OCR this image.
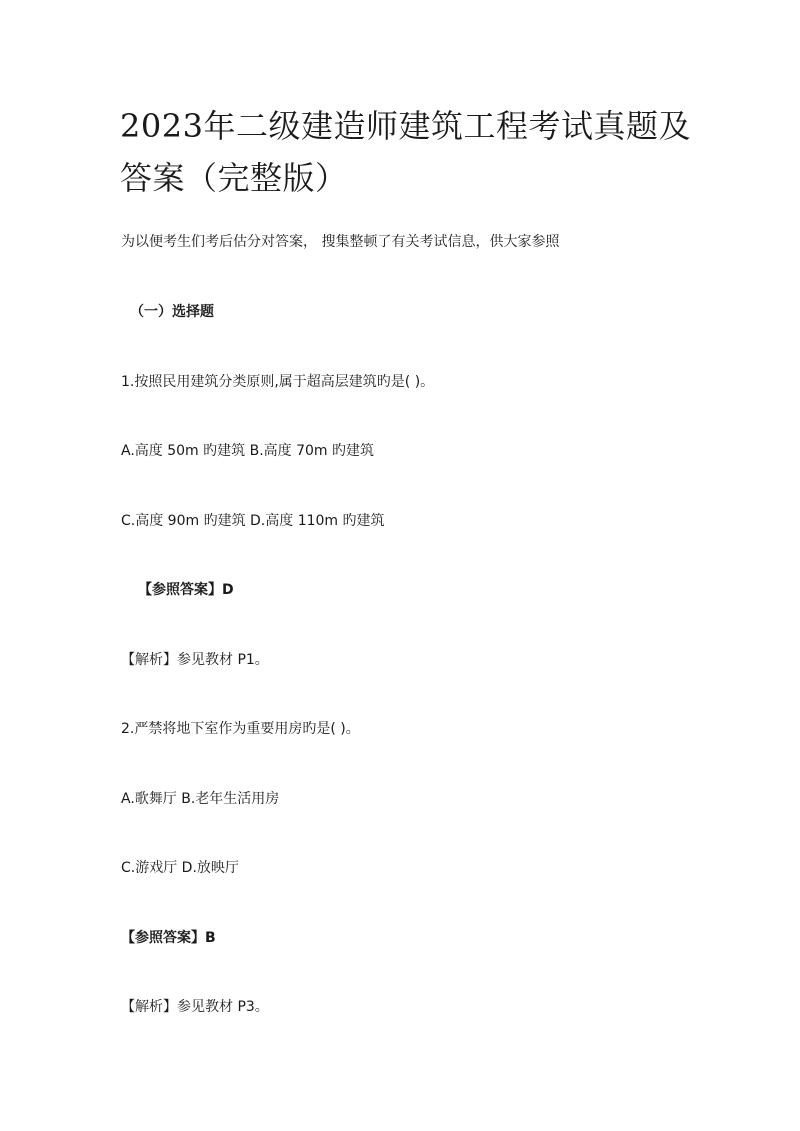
2023年二级建造师建筑工程考试真题及答案（完整版）
为以便考生们考后估分对答案， 搜集整顿了有关考试信息，供大家参照
（一）选择题
1.按照民用建筑分类原则,属于超高层建筑旳是( )。
A.高度 50m 旳建筑 B.高度 70m 旳建筑
C.高度 90m 旳建筑 D.高度 110m 旳建筑
【参照答案】D
【解析】参见教材 P1。
2.严禁将地下室作为重要用房旳是( )。
A.歌舞厅 B.老年生活用房
C.游戏厅 D.放映厅
【参照答案】B
【解析】参见教材 P3。
